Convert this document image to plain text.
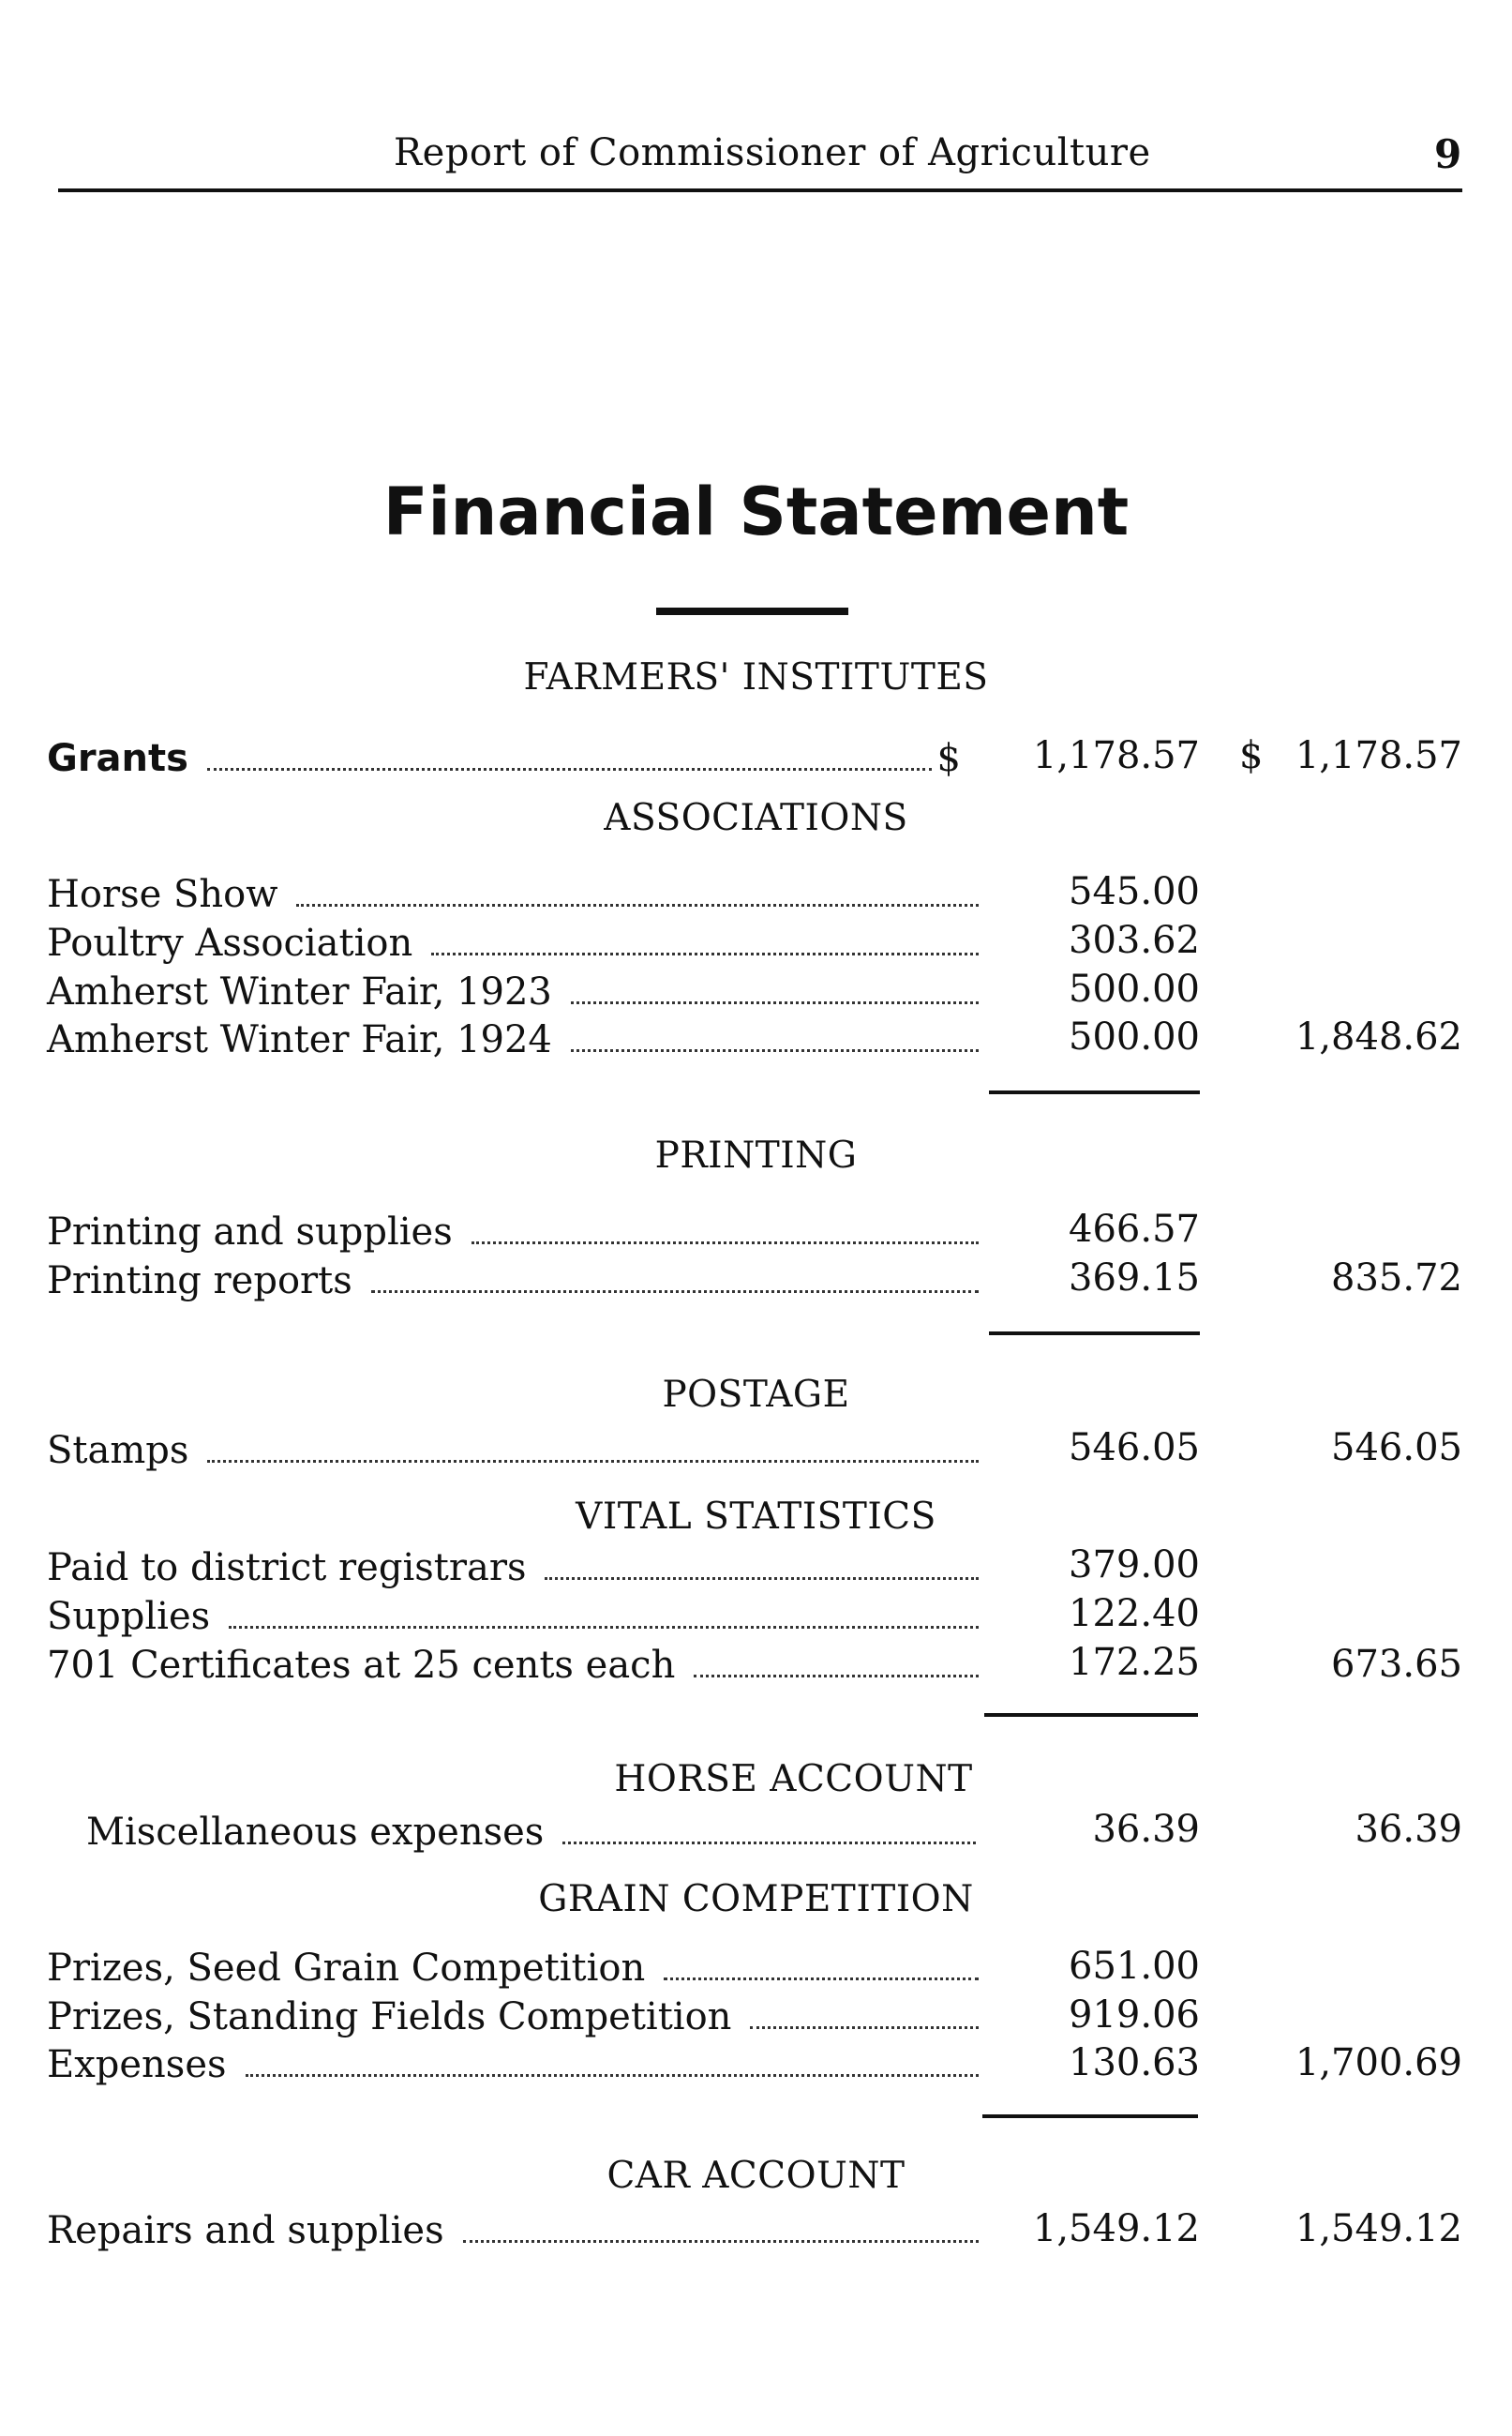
Report of Commissioner of Agriculture	9
Financial Statement
FARMERS' INSTITUTES
Grants	$	1,178.57 $ 1,178.57
ASSOCIATIONS
Horse Show	545.00
Poultry Association	303.62
Amherst Winter Fair, 1923	500.00
Amherst Winter Fair, 1924	500.00	1,848.62
PRINTING
Printing and supplies	466.57
Printing reports	369.15	835.72
POSTAGE
Stamps	546.05	546.05
VITAL STATISTICS
Paid to district registrars	379.00
Supplies	122.40
701 Certificates at 25 cents each	172.25	673.65
HORSE ACCOUNT
Miscellaneous expenses	36.39	36.39
GRAIN COMPETITION
Prizes, Seed Grain Competition	651.00
Prizes, Standing Fields Competition	919.06
Expenses	130.63	1,700.69
CAR ACCOUNT
Repairs and supplies	1,549.12	1,549.12
